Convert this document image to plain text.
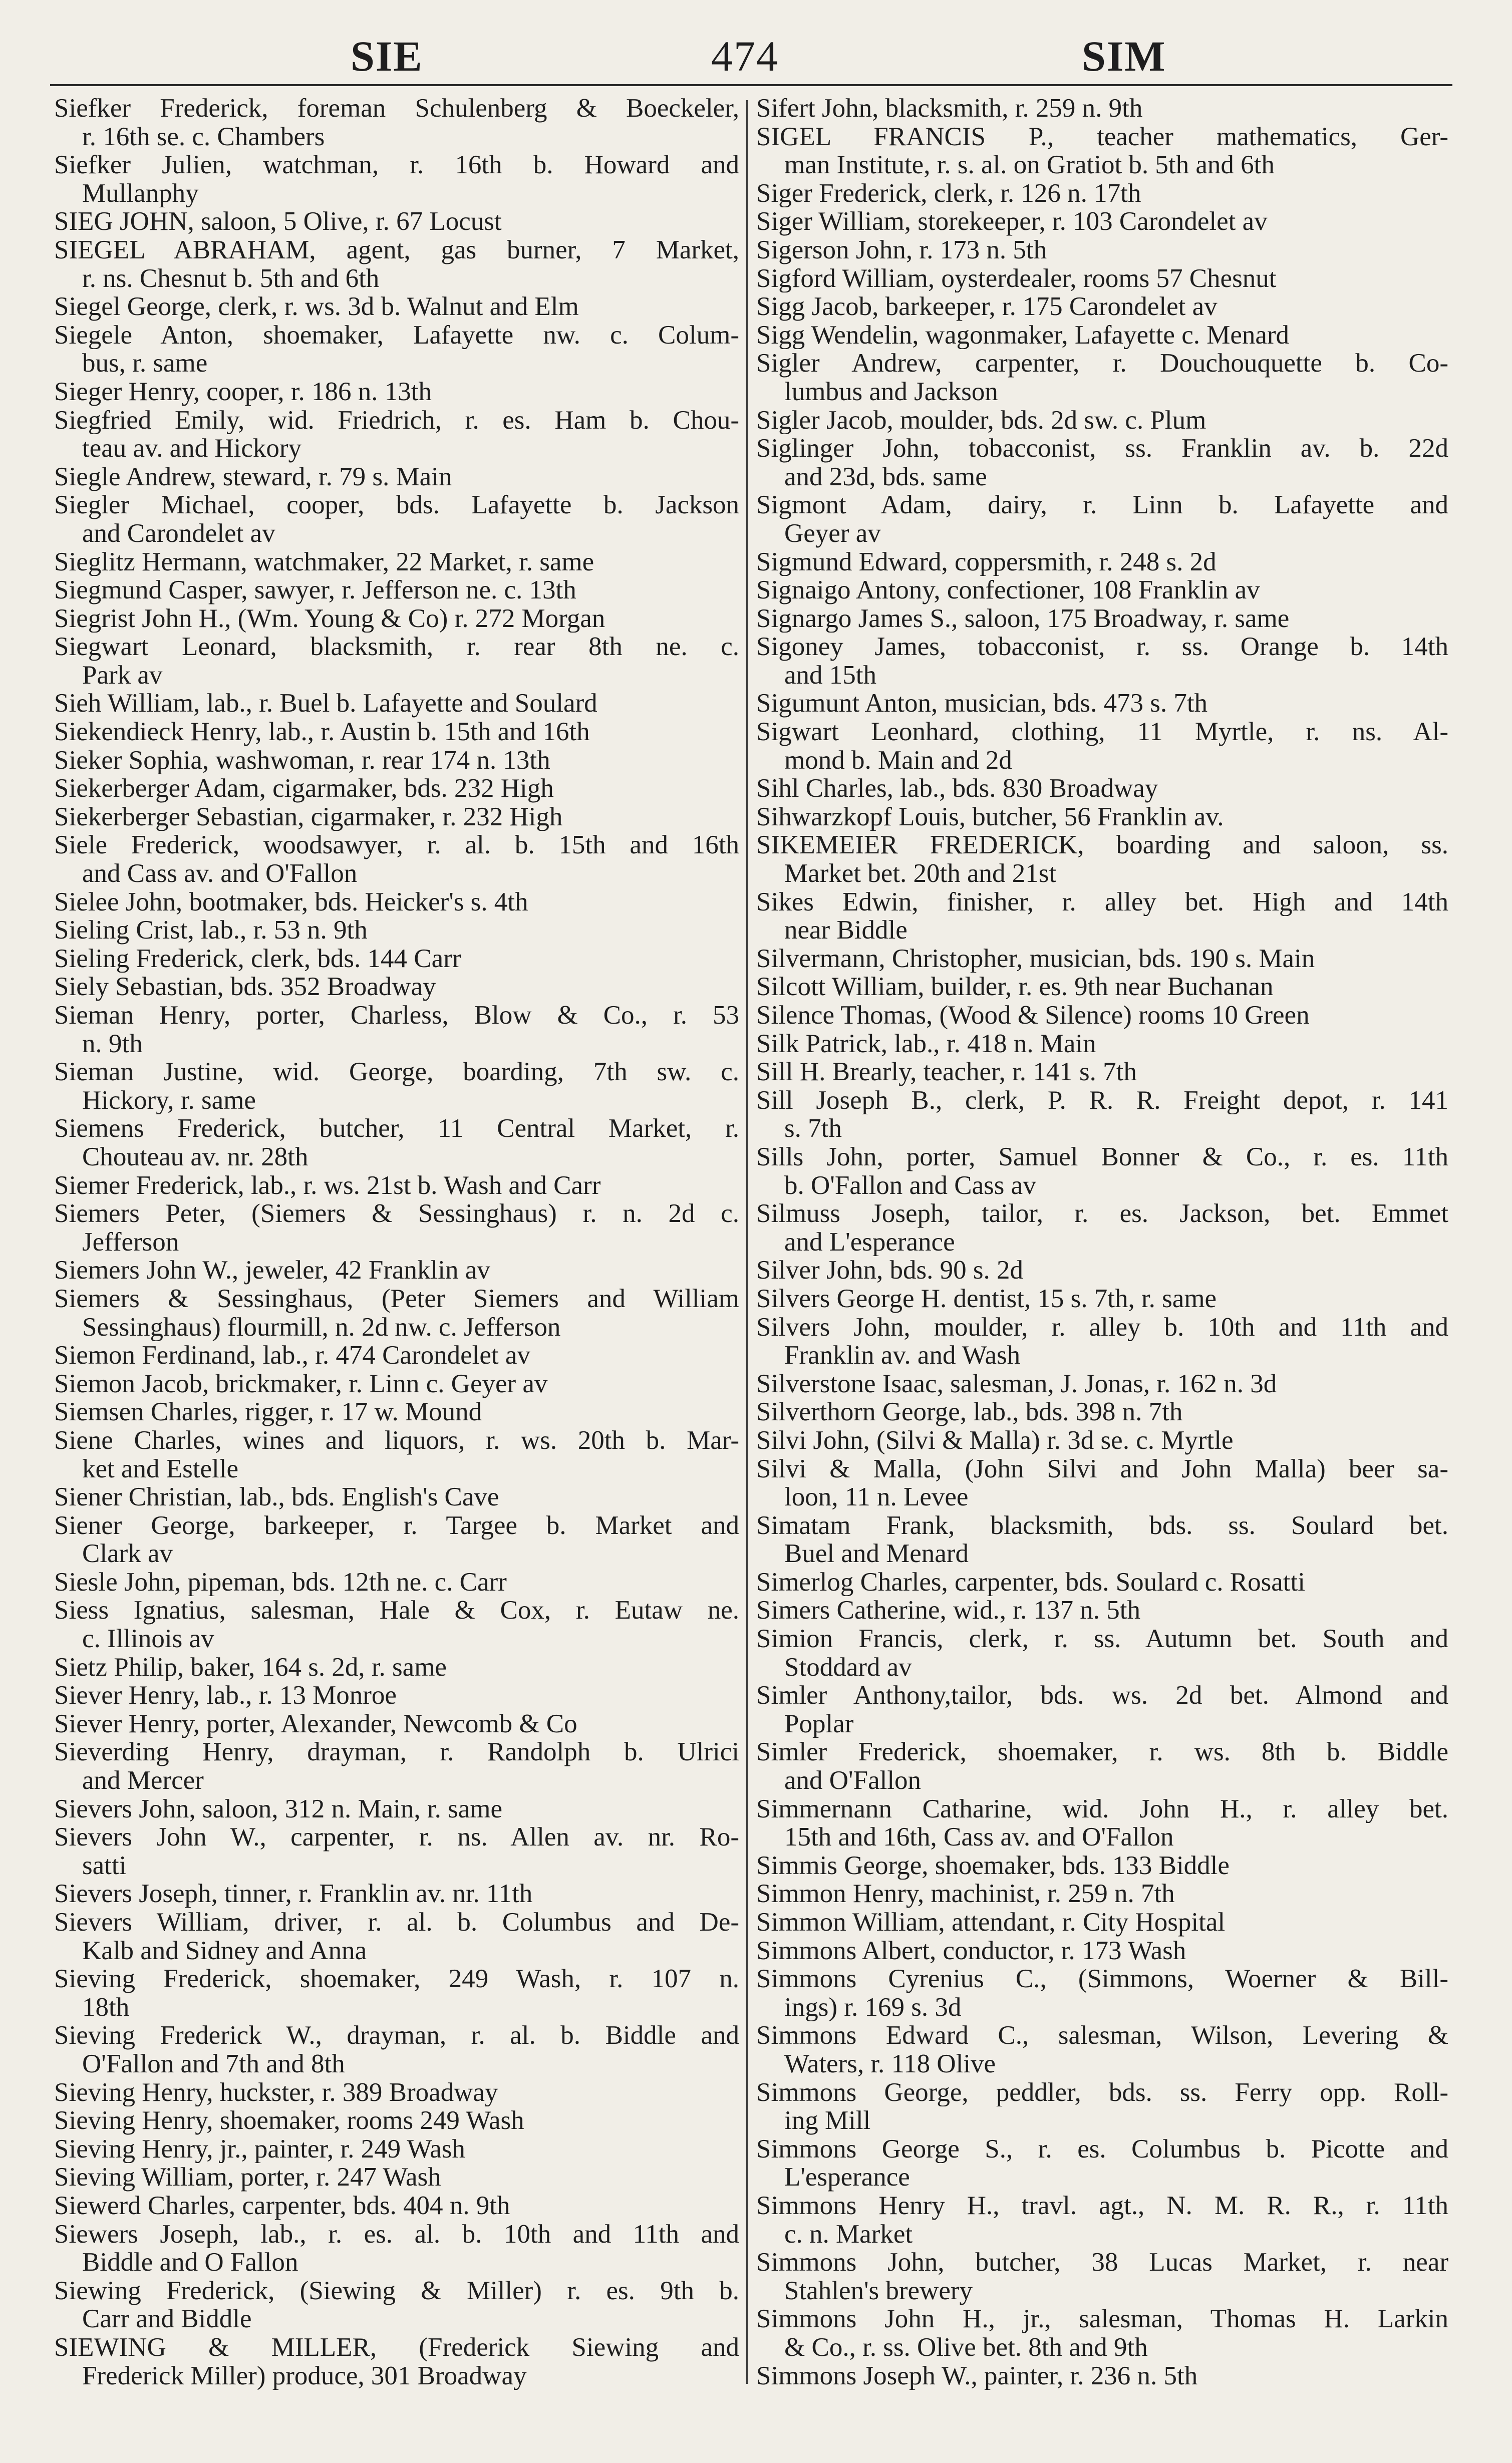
SIE	474	SIM
Siefker Frederick, foreman Schulenberg & Boeckeler,
r. 16th se. c. Chambers
Siefker Julien, watchman, r. 16th b. Howard and
Mullanphy
SIEG JOHN, saloon, 5 Olive, r. 67 Locust
SIEGEL ABRAHAM, agent, gas burner, 7 Market,
r. ns. Chesnut b. 5th and 6th
Siegel George, clerk, r. ws. 3d b. Walnut and Elm
Siegele Anton, shoemaker, Lafayette nw. c. Colum-
bus, r. same
Sieger Henry, cooper, r. 186 n. 13th
Siegfried Emily, wid. Friedrich, r. es. Ham b. Chou-
teau av. and Hickory
Siegle Andrew, steward, r. 79 s. Main
Siegler Michael, cooper, bds. Lafayette b. Jackson
and Carondelet av
Sieglitz Hermann, watchmaker, 22 Market, r. same
Siegmund Casper, sawyer, r. Jefferson ne. c. 13th
Siegrist John H., (Wm. Young & Co) r. 272 Morgan
Siegwart Leonard, blacksmith, r. rear 8th ne. c.
Park av
Sieh William, lab., r. Buel b. Lafayette and Soulard
Siekendieck Henry, lab., r. Austin b. 15th and 16th
Sieker Sophia, washwoman, r. rear 174 n. 13th
Siekerberger Adam, cigarmaker, bds. 232 High
Siekerberger Sebastian, cigarmaker, r. 232 High
Siele Frederick, woodsawyer, r. al. b. 15th and 16th
and Cass av. and O'Fallon
Sielee John, bootmaker, bds. Heicker's s. 4th
Sieling Crist, lab., r. 53 n. 9th
Sieling Frederick, clerk, bds. 144 Carr
Siely Sebastian, bds. 352 Broadway
Sieman Henry, porter, Charless, Blow & Co., r. 53
n. 9th
Sieman Justine, wid. George, boarding, 7th sw. c.
Hickory, r. same
Siemens Frederick, butcher, 11 Central Market, r.
Chouteau av. nr. 28th
Siemer Frederick, lab., r. ws. 21st b. Wash and Carr
Siemers Peter, (Siemers & Sessinghaus) r. n. 2d c.
Jefferson
Siemers John W., jeweler, 42 Franklin av
Siemers & Sessinghaus, (Peter Siemers and William
Sessinghaus) flourmill, n. 2d nw. c. Jefferson
Siemon Ferdinand, lab., r. 474 Carondelet av
Siemon Jacob, brickmaker, r. Linn c. Geyer av
Siemsen Charles, rigger, r. 17 w. Mound
Siene Charles, wines and liquors, r. ws. 20th b. Mar-
ket and Estelle
Siener Christian, lab., bds. English's Cave
Siener George, barkeeper, r. Targee b. Market and
Clark av
Siesle John, pipeman, bds. 12th ne. c. Carr
Siess Ignatius, salesman, Hale & Cox, r. Eutaw ne.
c. Illinois av
Sietz Philip, baker, 164 s. 2d, r. same
Siever Henry, lab., r. 13 Monroe
Siever Henry, porter, Alexander, Newcomb & Co
Sieverding Henry, drayman, r. Randolph b. Ulrici
and Mercer
Sievers John, saloon, 312 n. Main, r. same
Sievers John W., carpenter, r. ns. Allen av. nr. Ro-
satti
Sievers Joseph, tinner, r. Franklin av. nr. 11th
Sievers William, driver, r. al. b. Columbus and De-
Kalb and Sidney and Anna
Sieving Frederick, shoemaker, 249 Wash, r. 107 n.
18th
Sieving Frederick W., drayman, r. al. b. Biddle and
O'Fallon and 7th and 8th
Sieving Henry, huckster, r. 389 Broadway
Sieving Henry, shoemaker, rooms 249 Wash
Sieving Henry, jr., painter, r. 249 Wash
Sieving William, porter, r. 247 Wash
Siewerd Charles, carpenter, bds. 404 n. 9th
Siewers Joseph, lab., r. es. al. b. 10th and 11th and
Biddle and O Fallon
Siewing Frederick, (Siewing & Miller) r. es. 9th b.
Carr and Biddle
SIEWING & MILLER, (Frederick Siewing and
Frederick Miller) produce, 301 Broadway
Sifert John, blacksmith, r. 259 n. 9th
SIGEL FRANCIS P., teacher mathematics, Ger-
man Institute, r. s. al. on Gratiot b. 5th and 6th
Siger Frederick, clerk, r. 126 n. 17th
Siger William, storekeeper, r. 103 Carondelet av
Sigerson John, r. 173 n. 5th
Sigford William, oysterdealer, rooms 57 Chesnut
Sigg Jacob, barkeeper, r. 175 Carondelet av
Sigg Wendelin, wagonmaker, Lafayette c. Menard
Sigler Andrew, carpenter, r. Douchouquette b. Co-
lumbus and Jackson
Sigler Jacob, moulder, bds. 2d sw. c. Plum
Siglinger John, tobacconist, ss. Franklin av. b. 22d
and 23d, bds. same
Sigmont Adam, dairy, r. Linn b. Lafayette and
Geyer av
Sigmund Edward, coppersmith, r. 248 s. 2d
Signaigo Antony, confectioner, 108 Franklin av
Signargo James S., saloon, 175 Broadway, r. same
Sigoney James, tobacconist, r. ss. Orange b. 14th
and 15th
Sigumunt Anton, musician, bds. 473 s. 7th
Sigwart Leonhard, clothing, 11 Myrtle, r. ns. Al-
mond b. Main and 2d
Sihl Charles, lab., bds. 830 Broadway
Sihwarzkopf Louis, butcher, 56 Franklin av.
SIKEMEIER FREDERICK, boarding and saloon, ss.
Market bet. 20th and 21st
Sikes Edwin, finisher, r. alley bet. High and 14th
near Biddle
Silvermann, Christopher, musician, bds. 190 s. Main
Silcott William, builder, r. es. 9th near Buchanan
Silence Thomas, (Wood & Silence) rooms 10 Green
Silk Patrick, lab., r. 418 n. Main
Sill H. Brearly, teacher, r. 141 s. 7th
Sill Joseph B., clerk, P. R. R. Freight depot, r. 141
s. 7th
Sills John, porter, Samuel Bonner & Co., r. es. 11th
b. O'Fallon and Cass av
Silmuss Joseph, tailor, r. es. Jackson, bet. Emmet
and L'esperance
Silver John, bds. 90 s. 2d
Silvers George H. dentist, 15 s. 7th, r. same
Silvers John, moulder, r. alley b. 10th and 11th and
Franklin av. and Wash
Silverstone Isaac, salesman, J. Jonas, r. 162 n. 3d
Silverthorn George, lab., bds. 398 n. 7th
Silvi John, (Silvi & Malla) r. 3d se. c. Myrtle
Silvi & Malla, (John Silvi and John Malla) beer sa-
loon, 11 n. Levee
Simatam Frank, blacksmith, bds. ss. Soulard bet.
Buel and Menard
Simerlog Charles, carpenter, bds. Soulard c. Rosatti
Simers Catherine, wid., r. 137 n. 5th
Simion Francis, clerk, r. ss. Autumn bet. South and
Stoddard av
Simler Anthony,tailor, bds. ws. 2d bet. Almond and
Poplar
Simler Frederick, shoemaker, r. ws. 8th b. Biddle
and O'Fallon
Simmernann Catharine, wid. John H., r. alley bet.
15th and 16th, Cass av. and O'Fallon
Simmis George, shoemaker, bds. 133 Biddle
Simmon Henry, machinist, r. 259 n. 7th
Simmon William, attendant, r. City Hospital
Simmons Albert, conductor, r. 173 Wash
Simmons Cyrenius C., (Simmons, Woerner & Bill-
ings) r. 169 s. 3d
Simmons Edward C., salesman, Wilson, Levering &
Waters, r. 118 Olive
Simmons George, peddler, bds. ss. Ferry opp. Roll-
ing Mill
Simmons George S., r. es. Columbus b. Picotte and
L'esperance
Simmons Henry H., travl. agt., N. M. R. R., r. 11th
c. n. Market
Simmons John, butcher, 38 Lucas Market, r. near
Stahlen's brewery
Simmons John H., jr., salesman, Thomas H. Larkin
& Co., r. ss. Olive bet. 8th and 9th
Simmons Joseph W., painter, r. 236 n. 5th
